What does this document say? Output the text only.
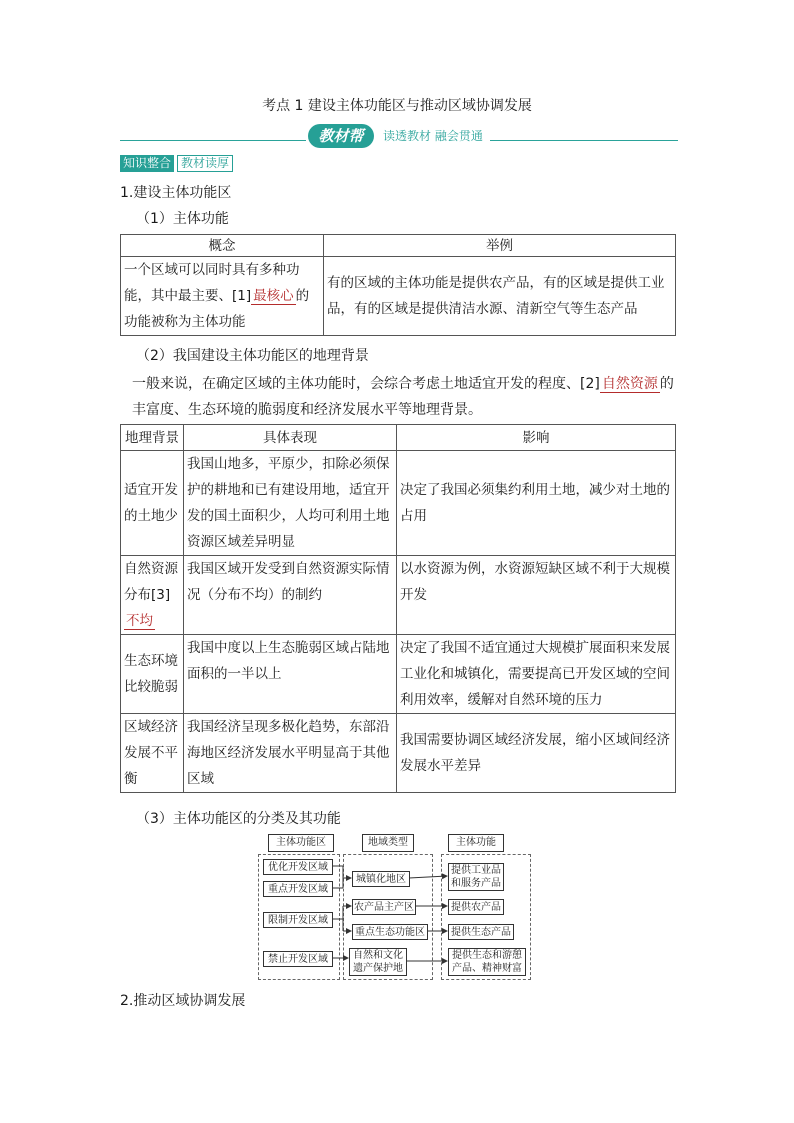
考点 1 建设主体功能区与推动区域协调发展
教材帮	读透教材 融会贯通
知识整合 教材读厚
1.建设主体功能区
（1）主体功能
概念	举例
一个区域可以同时具有多种功能，其中最主要、[1] 最核心 的功能被称为主体功能	有的区域的主体功能是提供农产品，有的区域是提供工业品，有的区域是提供清洁水源、清新空气等生态产品
（2）我国建设主体功能区的地理背景
一般来说，在确定区域的主体功能时，会综合考虑土地适宜开发的程度、[2] 自然资源 的丰富度、生态环境的脆弱度和经济发展水平等地理背景。
地理背景	具体表现	影响
适宜开发的土地少	我国山地多，平原少，扣除必须保护的耕地和已有建设用地，适宜开发的国土面积少，人均可利用土地资源区域差异明显	决定了我国必须集约利用土地，减少对土地的占用
自然资源分布[3]不均	我国区域开发受到自然资源实际情况（分布不均）的制约	以水资源为例，水资源短缺区域不利于大规模开发
生态环境比较脆弱	我国中度以上生态脆弱区域占陆地面积的一半以上	决定了我国不适宜通过大规模扩展面积来发展工业化和城镇化，需要提高已开发区域的空间利用效率，缓解对自然环境的压力
区域经济发展不平衡	我国经济呈现多极化趋势，东部沿海地区经济发展水平明显高于其他区域	我国需要协调区域经济发展，缩小区域间经济发展水平差异
（3）主体功能区的分类及其功能
主体功能区	地域类型	主体功能
优化开发区域
重点开发区域
限制开发区域
禁止开发区域
城镇化地区
农产品主产区
重点生态功能区
自然和文化遗产保护地
提供工业品和服务产品
提供农产品
提供生态产品
提供生态和游憩产品、精神财富
2.推动区域协调发展
